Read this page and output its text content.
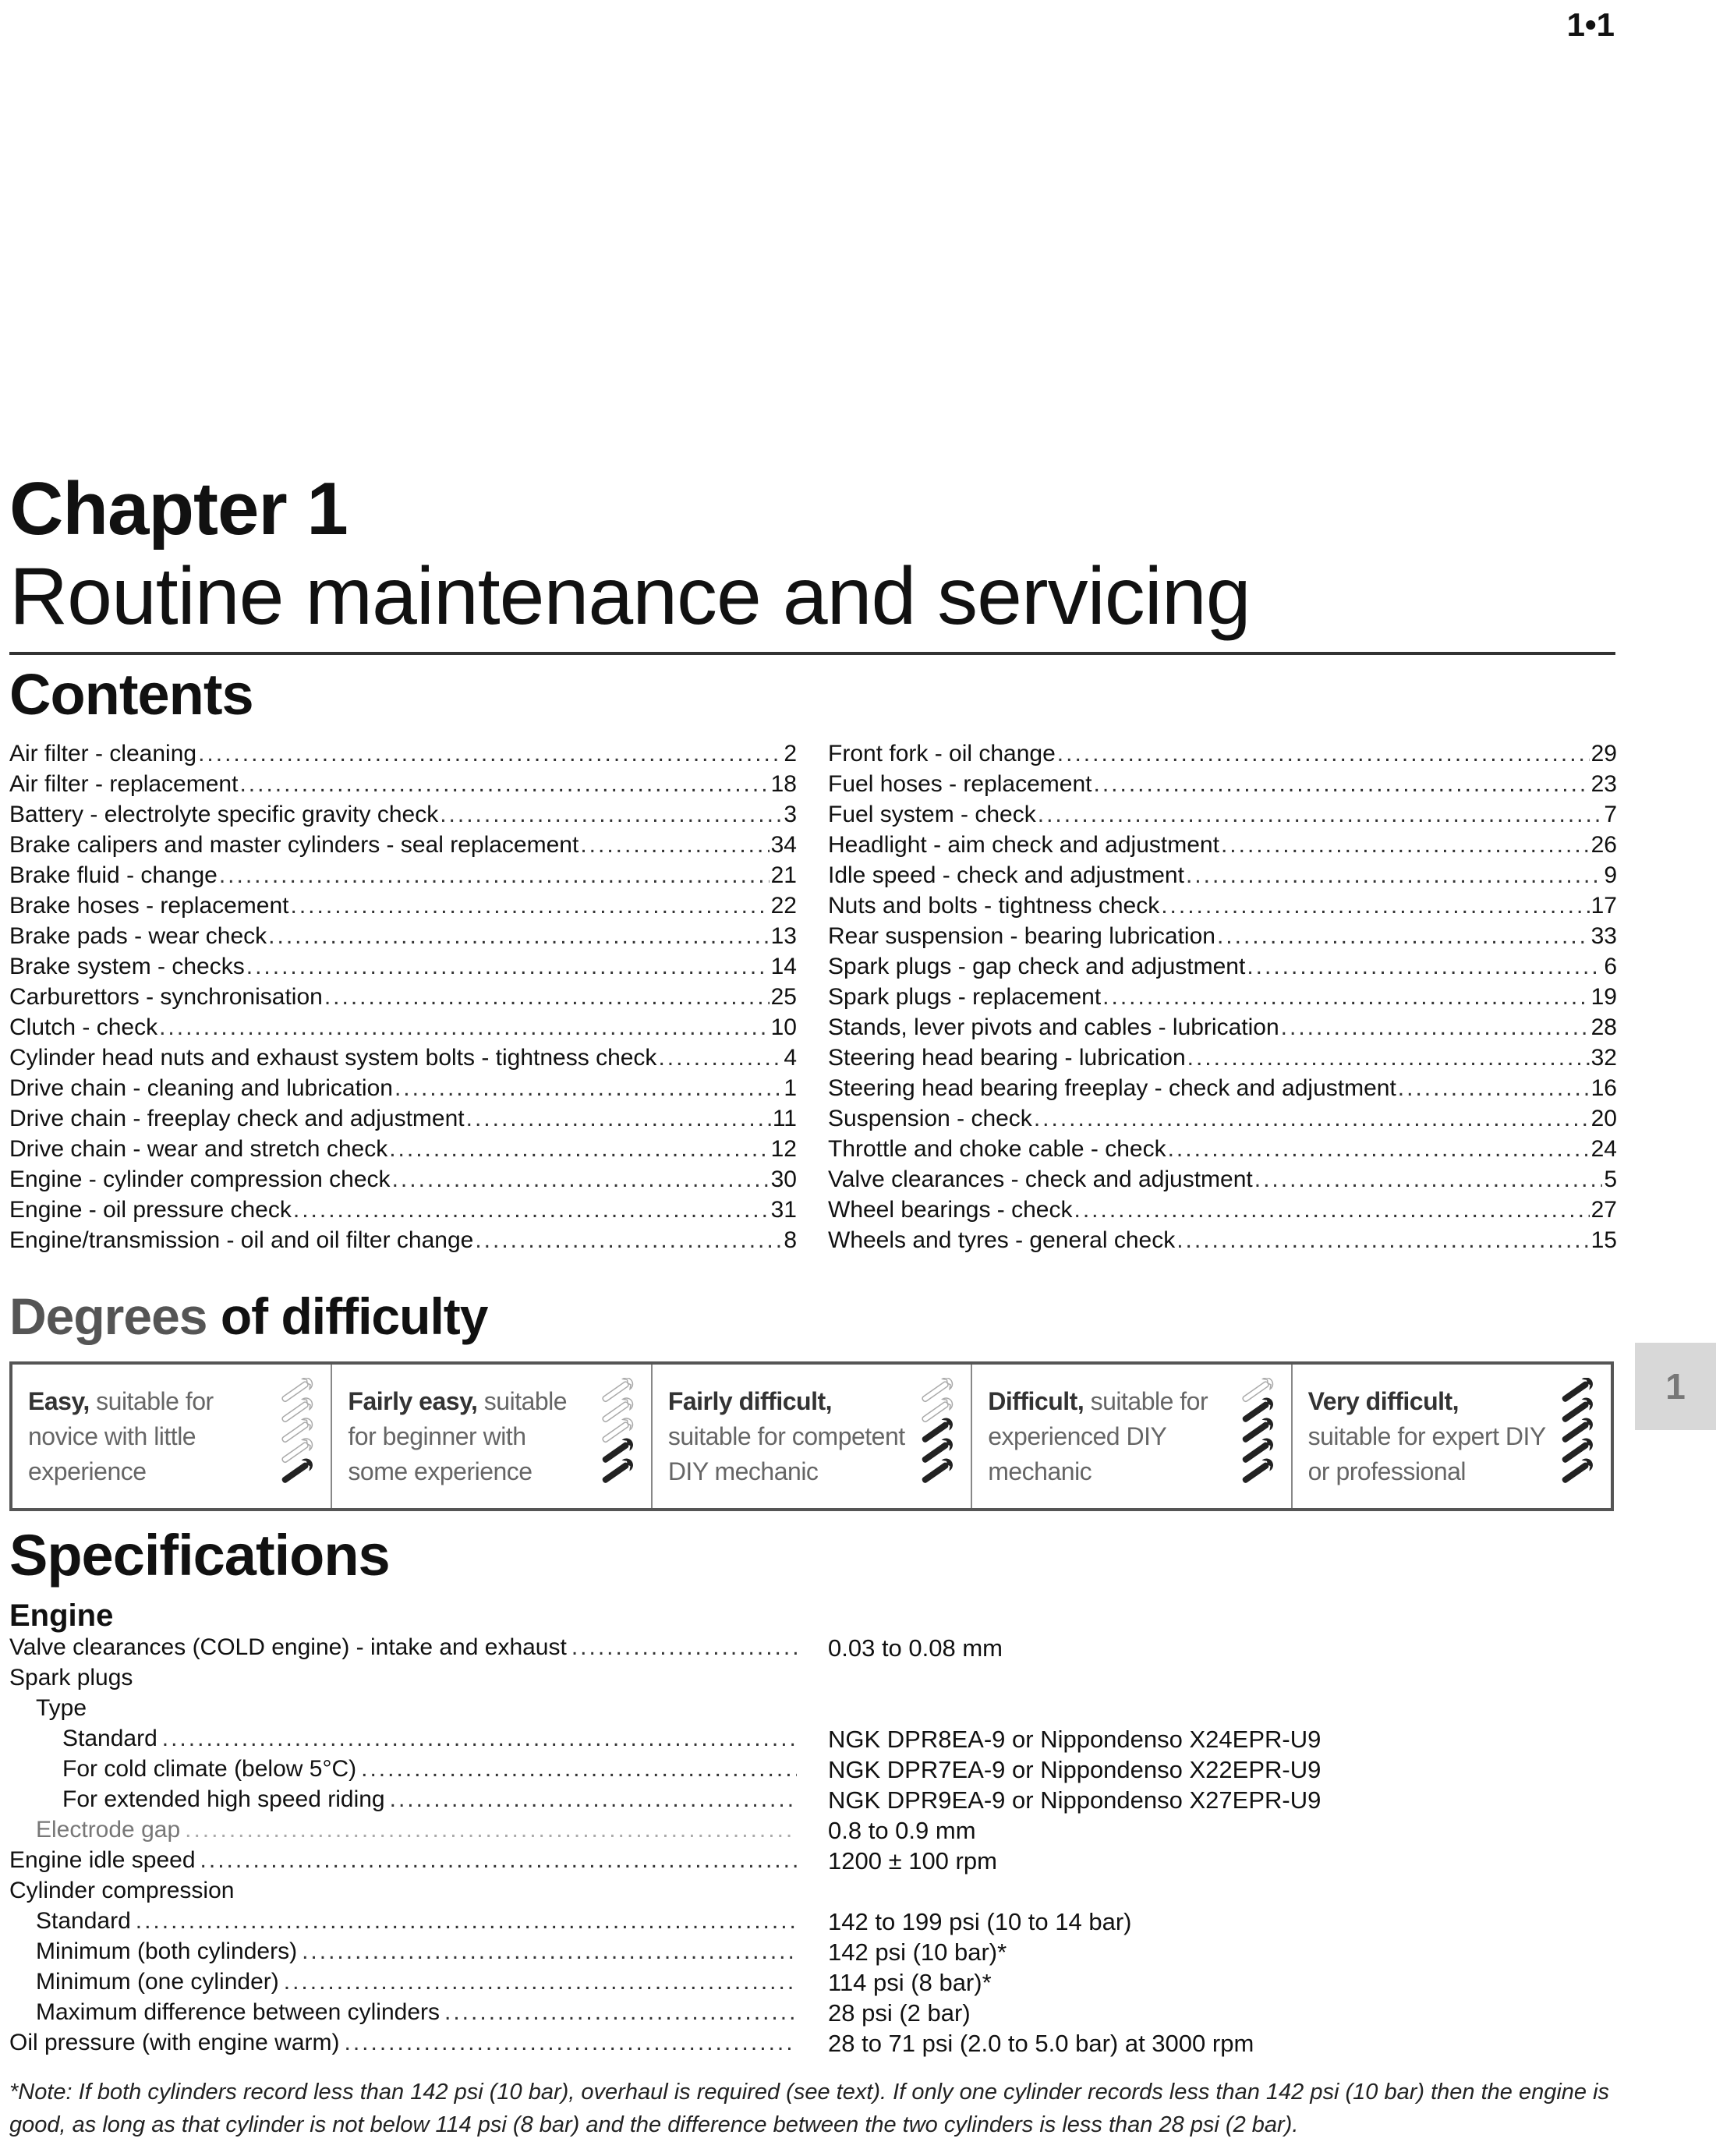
1•1
Chapter 1
Routine maintenance and servicing
Contents
Air filter - cleaning .....	2
Air filter - replacement .....	18
Battery - electrolyte specific gravity check .....	3
Brake calipers and master cylinders - seal replacement .....	34
Brake fluid - change .....	21
Brake hoses - replacement .....	22
Brake pads - wear check .....	13
Brake system - checks .....	14
Carburettors - synchronisation .....	25
Clutch - check .....	10
Cylinder head nuts and exhaust system bolts - tightness check .....	4
Drive chain - cleaning and lubrication .....	1
Drive chain - freeplay check and adjustment .....	11
Drive chain - wear and stretch check .....	12
Engine - cylinder compression check .....	30
Engine - oil pressure check .....	31
Engine/transmission - oil and oil filter change .....	8
Front fork - oil change .....	29
Fuel hoses - replacement .....	23
Fuel system - check .....	7
Headlight - aim check and adjustment .....	26
Idle speed - check and adjustment .....	9
Nuts and bolts - tightness check .....	17
Rear suspension - bearing lubrication .....	33
Spark plugs - gap check and adjustment .....	6
Spark plugs - replacement .....	19
Stands, lever pivots and cables - lubrication .....	28
Steering head bearing - lubrication .....	32
Steering head bearing freeplay - check and adjustment .....	16
Suspension - check .....	20
Throttle and choke cable - check .....	24
Valve clearances - check and adjustment .....	5
Wheel bearings - check .....	27
Wheels and tyres - general check .....	15
Degrees of difficulty
Easy, suitable for
novice with little
experience
Fairly easy, suitable
for beginner with
some experience
Fairly difficult,
suitable for competent
DIY mechanic
Difficult, suitable for
experienced DIY
mechanic
Very difficult,
suitable for expert DIY
or professional
1
Specifications
Engine
Valve clearances (COLD engine) - intake and exhaust .....	0.03 to 0.08 mm
Spark plugs
Type
Standard .....	NGK DPR8EA-9 or Nippondenso X24EPR-U9
For cold climate (below 5°C) .....	NGK DPR7EA-9 or Nippondenso X22EPR-U9
For extended high speed riding .....	NGK DPR9EA-9 or Nippondenso X27EPR-U9
Electrode gap .....	0.8 to 0.9 mm
Engine idle speed .....	1200 ± 100 rpm
Cylinder compression
Standard .....	142 to 199 psi (10 to 14 bar)
Minimum (both cylinders) .....	142 psi (10 bar)*
Minimum (one cylinder) .....	114 psi (8 bar)*
Maximum difference between cylinders .....	28 psi (2 bar)
Oil pressure (with engine warm) .....	28 to 71 psi (2.0 to 5.0 bar) at 3000 rpm
*Note: If both cylinders record less than 142 psi (10 bar), overhaul is required (see text). If only one cylinder records less than 142 psi (10 bar) then the engine is good, as long as that cylinder is not below 114 psi (8 bar) and the difference between the two cylinders is less than 28 psi (2 bar).
